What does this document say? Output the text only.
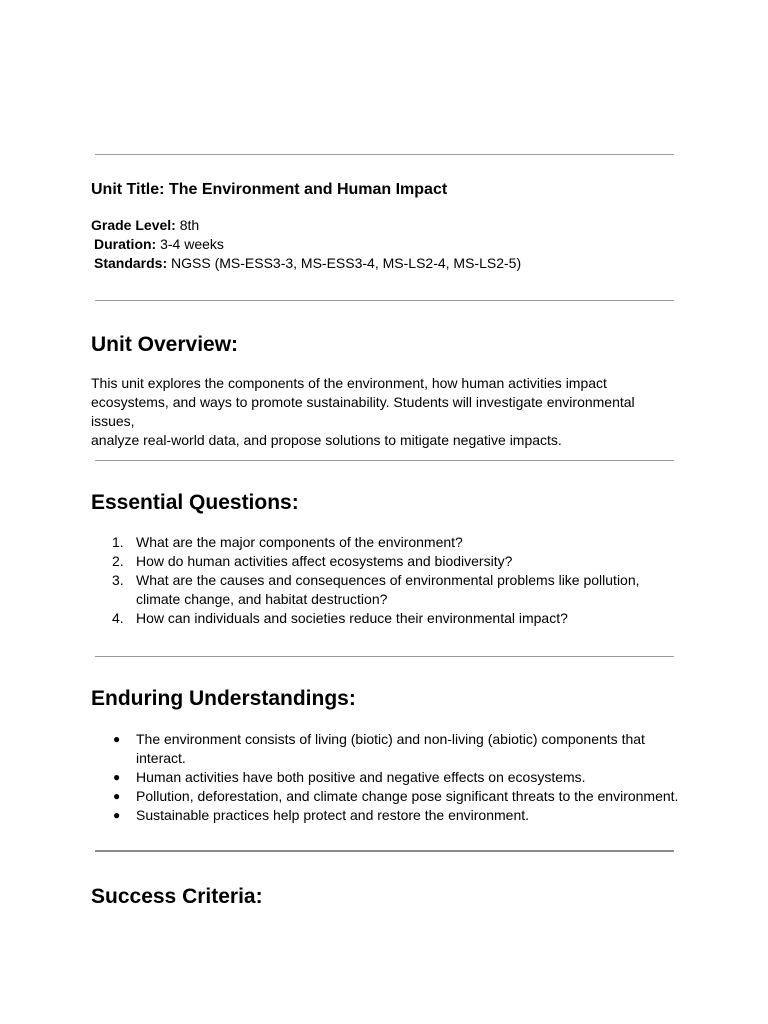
Unit Title: The Environment and Human Impact

Grade Level: 8th

Duration: 3-4 weeks

Standards: NGSS (MS-ESS3-3, MS-ESS3-4, MS-LS2-4, MS-LS2-5)

Unit Overview:
This unit explores the components of the environment, how human activities impact
ecosystems, and ways to promote sustainability. Students will investigate environmental issues,
analyze real-world data, and propose solutions to mitigate negative impacts.
Essential Questions:
1. What are the major components of the environment?
2. How do human activities affect ecosystems and biodiversity?
3. What are the causes and consequences of environmental problems like pollution,
climate change, and habitat destruction?
4. How can individuals and societies reduce their environmental impact?
Enduring Understandings:
● The environment consists of living (biotic) and non-living (abiotic) components that
interact.
● Human activities have both positive and negative effects on ecosystems.
● Pollution, deforestation, and climate change pose significant threats to the environment.
● Sustainable practices help protect and restore the environment.
Success Criteria:
